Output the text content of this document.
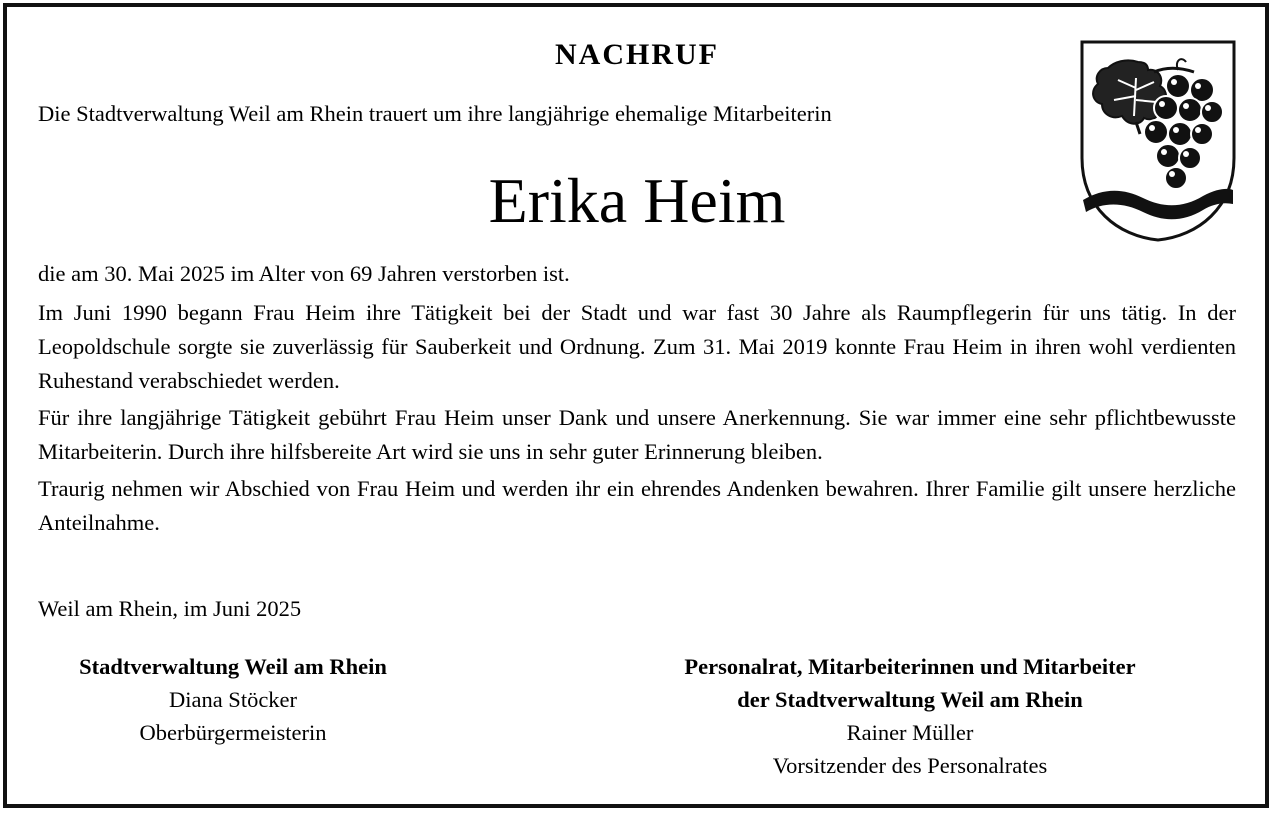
NACHRUF
Die Stadtverwaltung Weil am Rhein trauert um ihre langjährige ehemalige Mitarbeiterin
Erika Heim

die am 30. Mai 2025 im Alter von 69 Jahren verstorben ist.

Im Juni 1990 begann Frau Heim ihre Tätigkeit bei der Stadt und war fast 30 Jahre als Raumpflegerin für uns tätig. In der Leopoldschule sorgte sie zuverlässig für Sauberkeit und Ordnung. Zum 31. Mai 2019 konnte Frau Heim in ihren wohl verdienten Ruhestand verabschiedet werden.

Für ihre langjährige Tätigkeit gebührt Frau Heim unser Dank und unsere Anerkennung. Sie war immer eine sehr pflichtbewusste Mitarbeiterin. Durch ihre hilfsbereite Art wird sie uns in sehr guter Erinnerung bleiben.

Traurig nehmen wir Abschied von Frau Heim und werden ihr ein ehrendes Andenken bewahren. Ihrer Familie gilt unsere herzliche Anteilnahme.

Weil am Rhein, im Juni 2025
Stadtverwaltung Weil am Rhein
Diana Stöcker
Oberbürgermeisterin
Personalrat, Mitarbeiterinnen und Mitarbeiter
der Stadtverwaltung Weil am Rhein
Rainer Müller
Vorsitzender des Personalrates
